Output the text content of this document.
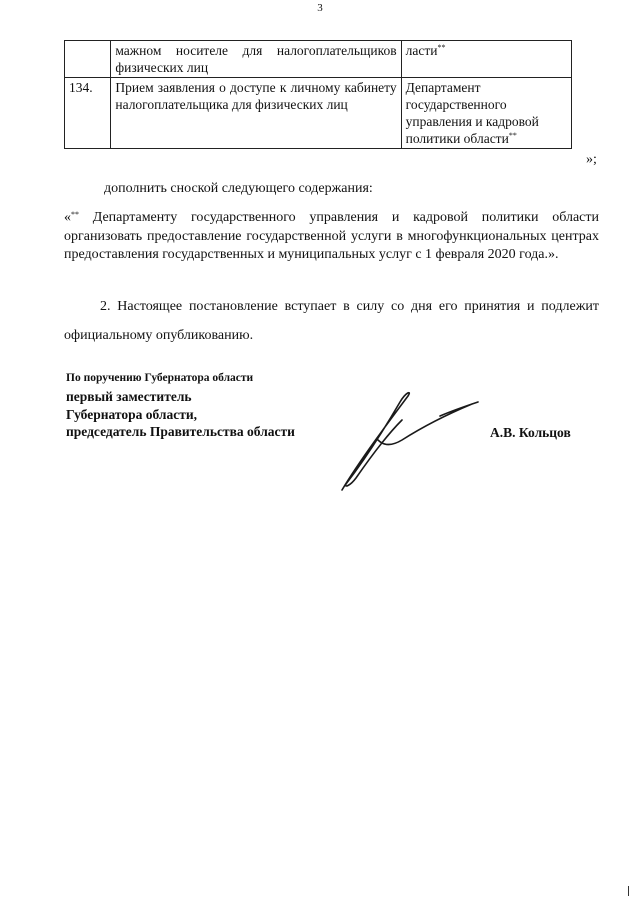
3
	мажном носителе для налогоплательщиков физических лиц	ласти**
134.	Прием заявления о доступе к личному кабинету налогоплательщика для физических лиц	Департамент государственного управления и кадровой политики области**
»;
дополнить сноской следующего содержания:
«** Департаменту государственного управления и кадровой политики области организовать предоставление государственной услуги в многофункциональных центрах предоставления государственных и муниципальных услуг с 1 февраля 2020 года.».
2. Настоящее постановление вступает в силу со дня его принятия и подлежит официальному опубликованию.
По поручению Губернатора области
первый заместитель
Губернатора области,
председатель Правительства области	А.В. Кольцов
